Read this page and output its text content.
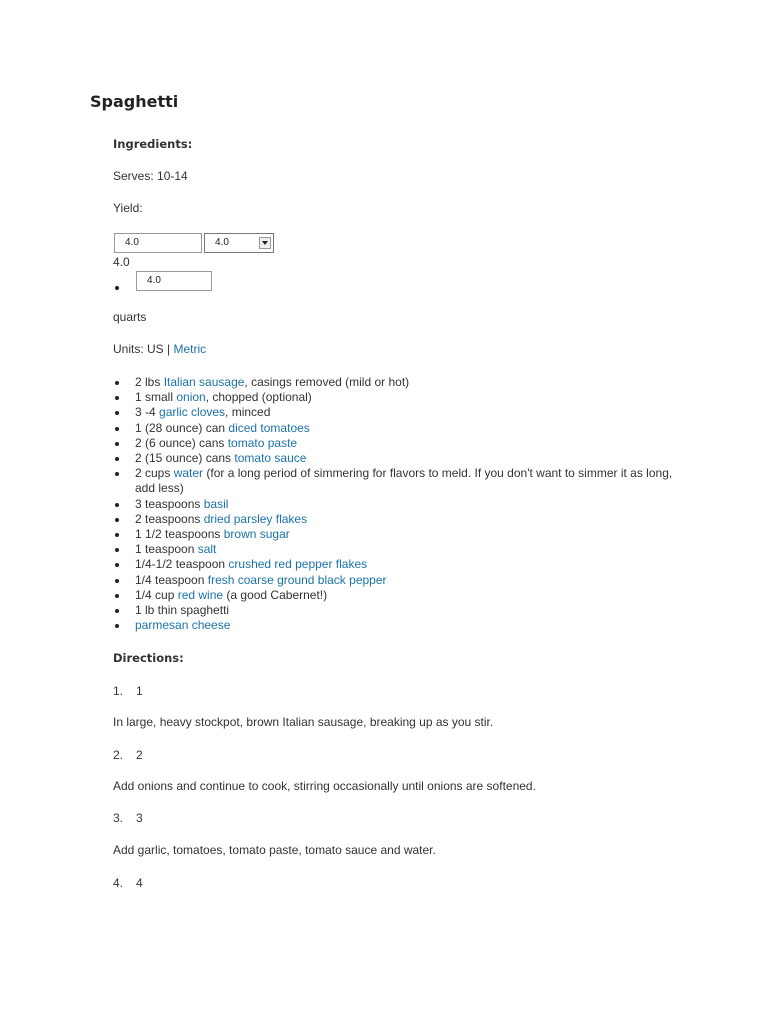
Spaghetti
Ingredients:

Serves: 10-14

Yield:

4.0	4.0

4.0

4.0

quarts

Units: US | Metric

2 lbs Italian sausage, casings removed (mild or hot)
1 small onion, chopped (optional)
3 -4 garlic cloves, minced
1 (28 ounce) can diced tomatoes
2 (6 ounce) cans tomato paste
2 (15 ounce) cans tomato sauce
2 cups water (for a long period of simmering for flavors to meld. If you don't want to simmer it as long, add less)
3 teaspoons basil
2 teaspoons dried parsley flakes
1 1/2 teaspoons brown sugar
1 teaspoon salt
1/4-1/2 teaspoon crushed red pepper flakes
1/4 teaspoon fresh coarse ground black pepper
1/4 cup red wine (a good Cabernet!)
1 lb thin spaghetti
parmesan cheese
Directions:

1. 1

In large, heavy stockpot, brown Italian sausage, breaking up as you stir.

2. 2

Add onions and continue to cook, stirring occasionally until onions are softened.

3. 3

Add garlic, tomatoes, tomato paste, tomato sauce and water.

4. 4
